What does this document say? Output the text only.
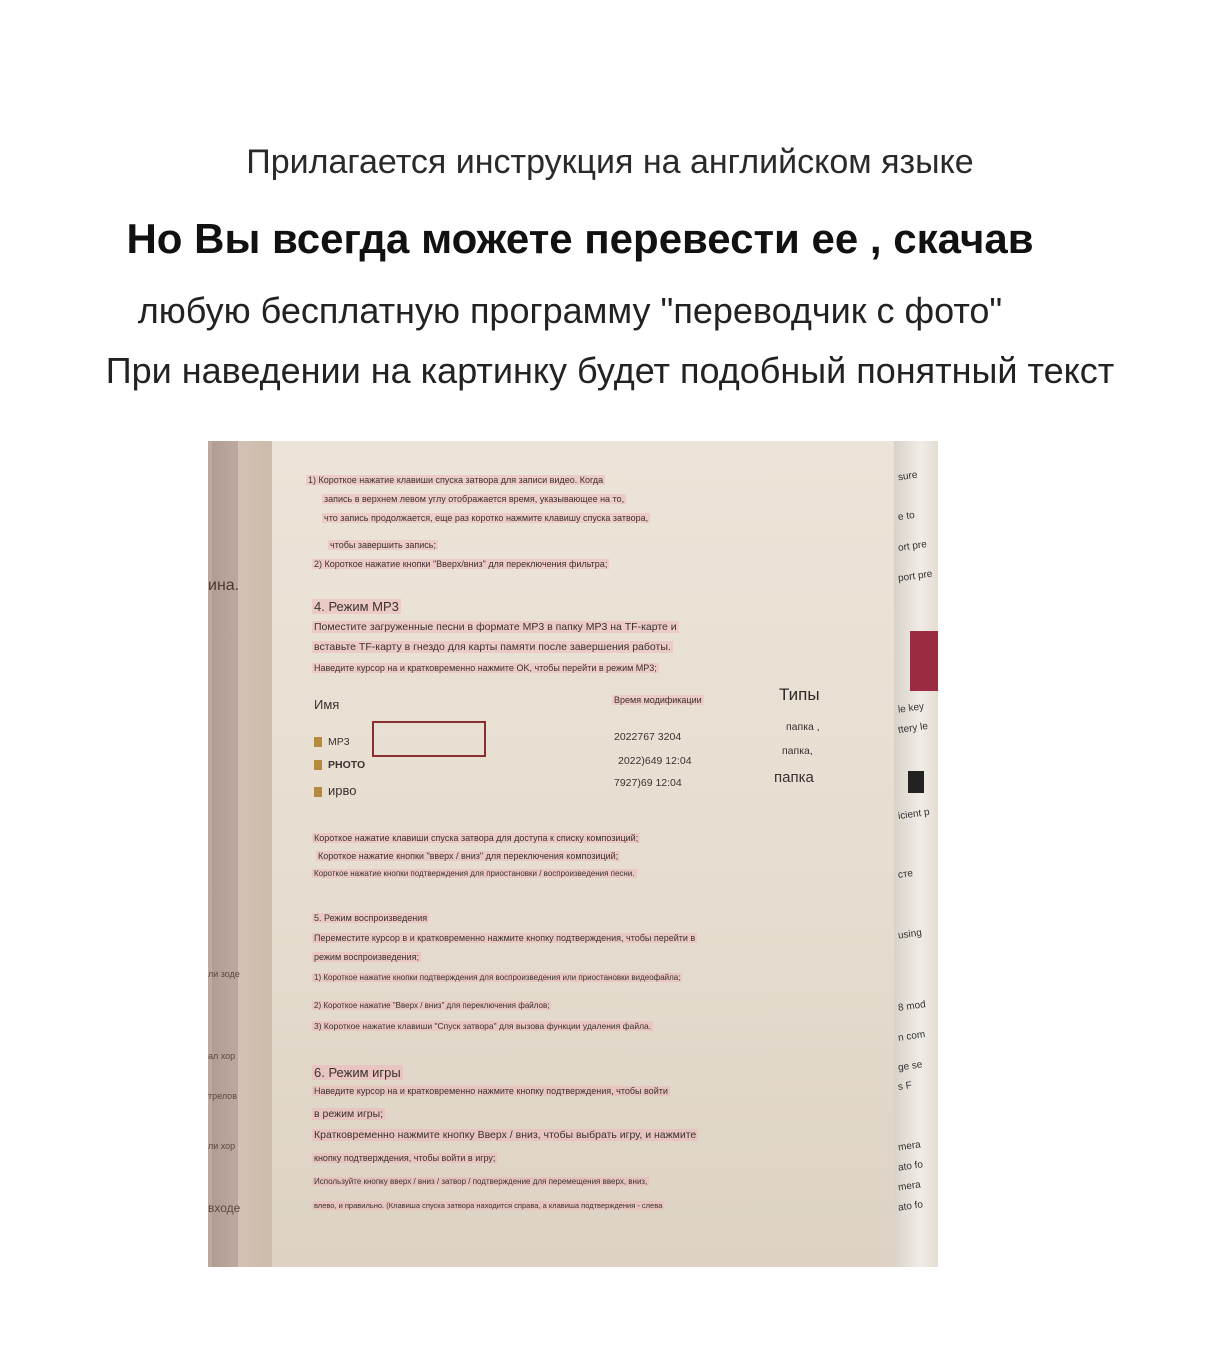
Прилагается инструкция на английском языке
Но Вы всегда можете перевести ее , скачав
любую бесплатную программу "переводчик с фото"
При наведении на картинку будет подобный понятный текст
ина.
ли зоде
ал хор
трелов
ли хор
входе
1) Короткое нажатие клавиши спуска затвора для записи видео. Когда
запись в верхнем левом углу отображается время, указывающее на то,
что запись продолжается, еще раз коротко нажмите клавишу спуска затвора,
чтобы завершить запись;
2) Короткое нажатие кнопки "Вверх/вниз" для переключения фильтра;
4. Режим MP3
Поместите загруженные песни в формате MP3 в папку MP3 на TF-карте и
вставьте TF-карту в гнездо для карты памяти после завершения работы.
Наведите курсор на и кратковременно нажмите OK, чтобы перейти в режим MP3;
Имя	Время модификации	Типы
MP3
PHOTO
ирво
2022767 3204
2022)649 12:04
7927)69 12:04
папка ,
папка,
папка
Короткое нажатие клавиши спуска затвора для доступа к списку композиций;
Короткое нажатие кнопки "вверх / вниз" для переключения композиций;
Короткое нажатие кнопки подтверждения для приостановки / воспроизведения песни.
5. Режим воспроизведения
Переместите курсор в и кратковременно нажмите кнопку подтверждения, чтобы перейти в
режим воспроизведения;
1) Короткое нажатие кнопки подтверждения для воспроизведения или приостановки видеофайла;
2) Короткое нажатие "Вверх / вниз" для переключения файлов;
3) Короткое нажатие клавиши "Спуск затвора" для вызова функции удаления файла.
6. Режим игры
Наведите курсор на и кратковременно нажмите кнопку подтверждения, чтобы войти
в режим игры;
Кратковременно нажмите кнопку Вверх / вниз, чтобы выбрать игру, и нажмите
кнопку подтверждения, чтобы войти в игру;
Используйте кнопку вверх / вниз / затвор / подтверждение для перемещения вверх, вниз,
влево, и правильно. (Клавиша спуска затвора находится справа, а клавиша подтверждения - слева
sure
e to
ort pre
port pre
le key
ttery le
icient p
сте
using
8 mod
n com
ge se
s F
mera
ato fo
mera
ato fo
